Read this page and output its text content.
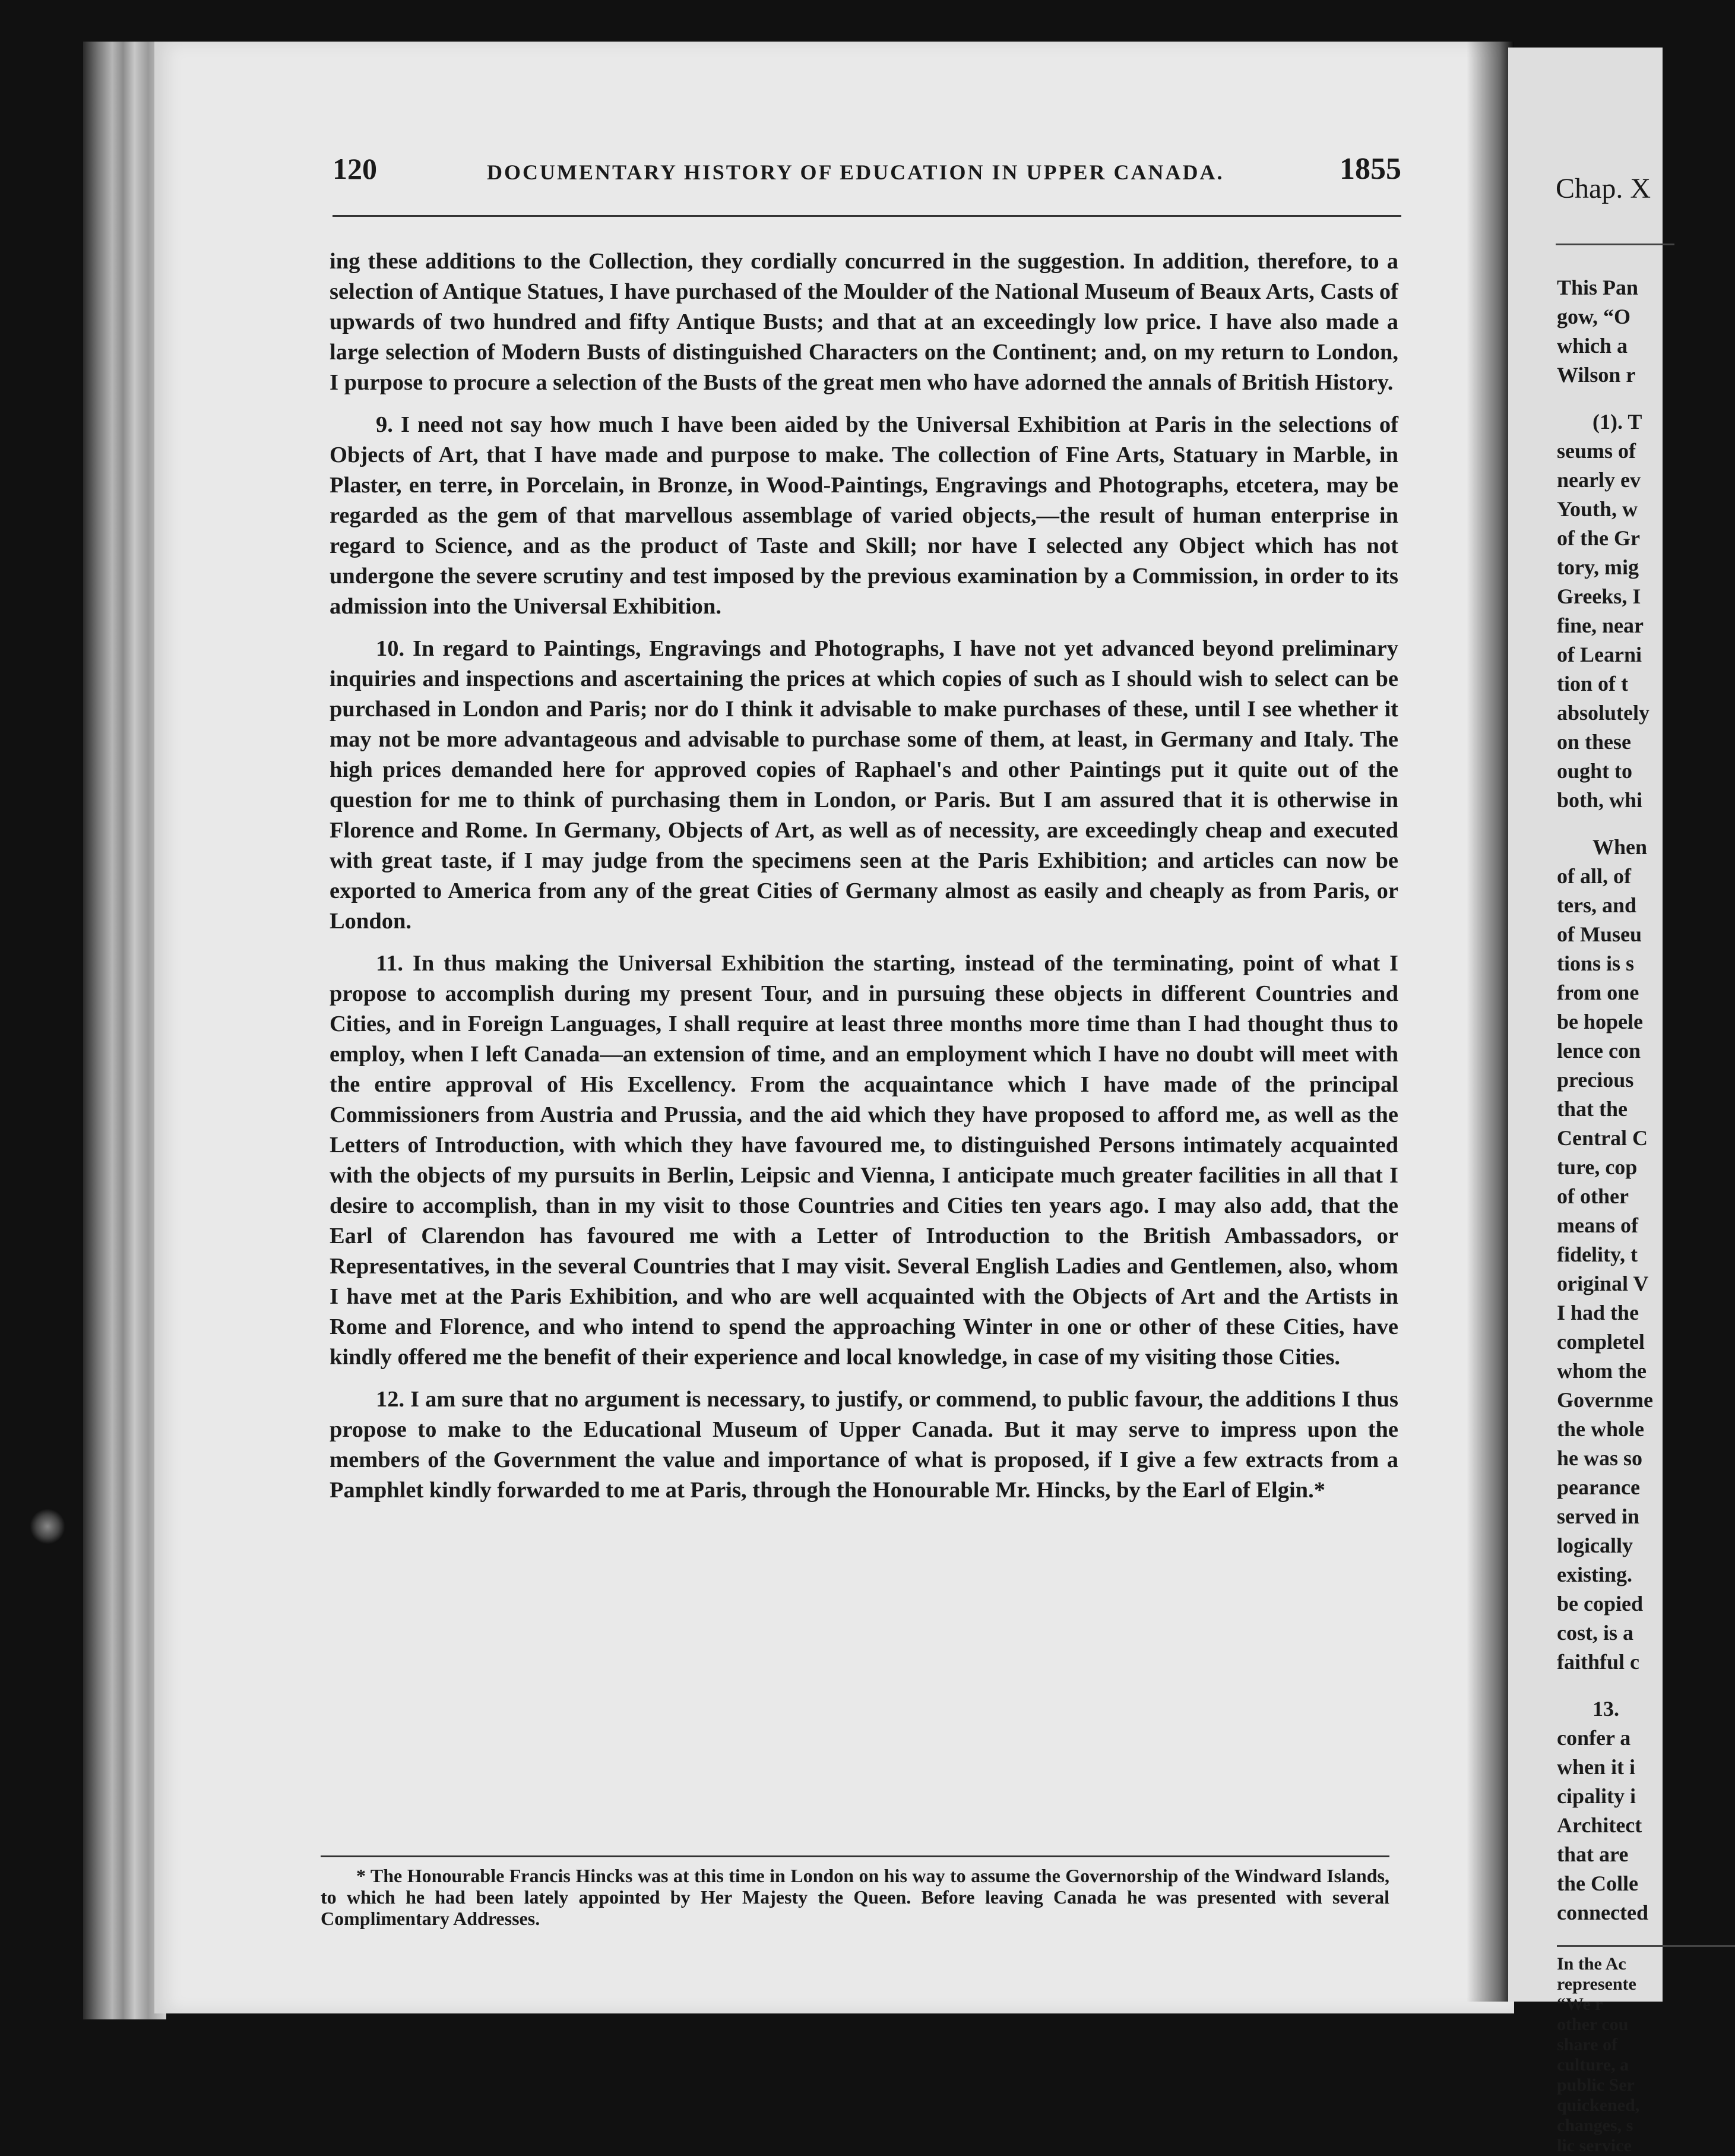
120	DOCUMENTARY HISTORY OF EDUCATION IN UPPER CANADA.	1855

ing these additions to the Collection, they cordially concurred in the suggestion. In addition, therefore, to a selection of Antique Statues, I have purchased of the Moulder of the National Museum of Beaux Arts, Casts of upwards of two hundred and fifty Antique Busts; and that at an exceedingly low price. I have also made a large selection of Modern Busts of distinguished Characters on the Continent; and, on my return to London, I purpose to procure a selection of the Busts of the great men who have adorned the annals of British History.

9. I need not say how much I have been aided by the Universal Exhibition at Paris in the selections of Objects of Art, that I have made and purpose to make. The collection of Fine Arts, Statuary in Marble, in Plaster, en terre, in Porcelain, in Bronze, in Wood-Paintings, Engravings and Photographs, etcetera, may be regarded as the gem of that marvellous assemblage of varied objects,—the result of human enterprise in regard to Science, and as the product of Taste and Skill; nor have I selected any Object which has not undergone the severe scrutiny and test imposed by the previous examination by a Commission, in order to its admission into the Universal Exhibition.

10. In regard to Paintings, Engravings and Photographs, I have not yet advanced beyond preliminary inquiries and inspections and ascertaining the prices at which copies of such as I should wish to select can be purchased in London and Paris; nor do I think it advisable to make purchases of these, until I see whether it may not be more advantageous and advisable to purchase some of them, at least, in Germany and Italy. The high prices demanded here for approved copies of Raphael's and other Paintings put it quite out of the question for me to think of purchasing them in London, or Paris. But I am assured that it is otherwise in Florence and Rome. In Germany, Objects of Art, as well as of necessity, are exceedingly cheap and executed with great taste, if I may judge from the specimens seen at the Paris Exhibition; and articles can now be exported to America from any of the great Cities of Germany almost as easily and cheaply as from Paris, or London.

11. In thus making the Universal Exhibition the starting, instead of the terminating, point of what I propose to accomplish during my present Tour, and in pursuing these objects in different Countries and Cities, and in Foreign Languages, I shall require at least three months more time than I had thought thus to employ, when I left Canada—an extension of time, and an employment which I have no doubt will meet with the entire approval of His Excellency. From the acquaintance which I have made of the principal Commissioners from Austria and Prussia, and the aid which they have proposed to afford me, as well as the Letters of Introduction, with which they have favoured me, to distinguished Persons intimately acquainted with the objects of my pursuits in Berlin, Leipsic and Vienna, I anticipate much greater facilities in all that I desire to accomplish, than in my visit to those Countries and Cities ten years ago. I may also add, that the Earl of Clarendon has favoured me with a Letter of Introduction to the British Ambassadors, or Representatives, in the several Countries that I may visit. Several English Ladies and Gentlemen, also, whom I have met at the Paris Exhibition, and who are well acquainted with the Objects of Art and the Artists in Rome and Florence, and who intend to spend the approaching Winter in one or other of these Cities, have kindly offered me the benefit of their experience and local knowledge, in case of my visiting those Cities.

12. I am sure that no argument is necessary, to justify, or commend, to public favour, the additions I thus propose to make to the Educational Museum of Upper Canada. But it may serve to impress upon the members of the Government the value and importance of what is proposed, if I give a few extracts from a Pamphlet kindly forwarded to me at Paris, through the Honourable Mr. Hincks, by the Earl of Elgin.*

* The Honourable Francis Hincks was at this time in London on his way to assume the Governorship of the Windward Islands, to which he had been lately appointed by Her Majesty the Queen. Before leaving Canada he was presented with several Complimentary Addresses.
Chap. X
This Pan
gow, “O
which a
Wilson r
(1). T
seums of
nearly ev
Youth, w
of the Gr
tory, mig
Greeks, I
fine, near
of Learni
tion of t
absolutely
on these
ought to
both, whi
When
of all, of
ters, and
of Museu
tions is s
from one
be hopele
lence con
precious
that the
Central C
ture, cop
of other
means of
fidelity, t
original V
I had the
completel
whom the
Governme
the whole
he was so
pearance
served in
logically
existing.
be copied
cost, is a
faithful c
13.
confer a
when it i
cipality i
Architect
that are
the Colle
connected
In the Ac
represente
“We r
other cou
share of
culture, a
public Ser
quickened,
changes, s
lic service
